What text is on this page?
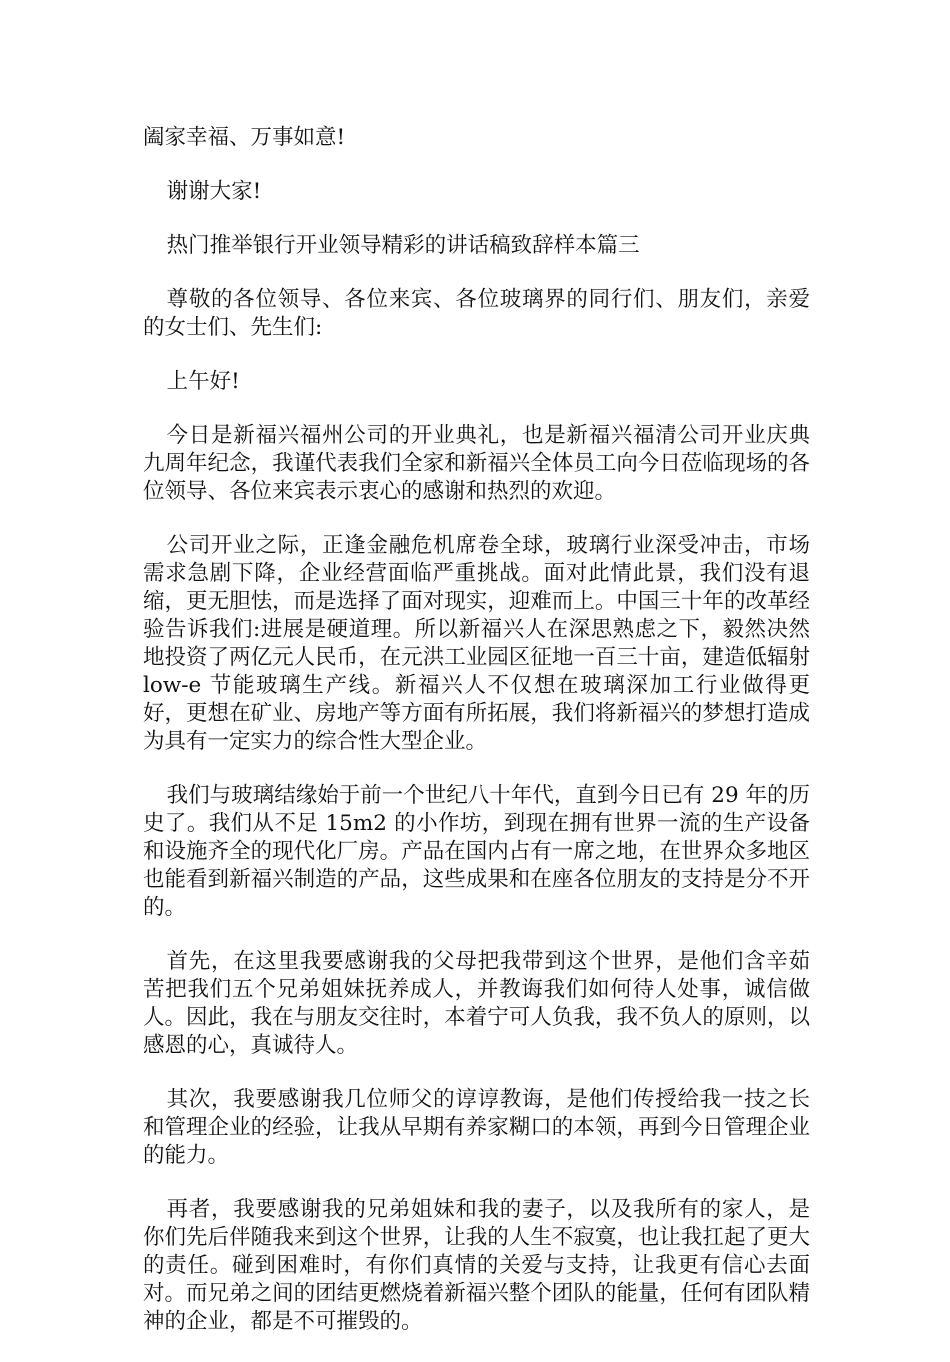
阖家幸福、万事如意!

谢谢大家!

热门推举银行开业领导精彩的讲话稿致辞样本篇三

尊敬的各位领导、各位来宾、各位玻璃界的同行们、朋友们，亲爱的女士们、先生们:

上午好!

今日是新福兴福州公司的开业典礼，也是新福兴福清公司开业庆典九周年纪念，我谨代表我们全家和新福兴全体员工向今日莅临现场的各位领导、各位来宾表示衷心的感谢和热烈的欢迎。

公司开业之际，正逢金融危机席卷全球，玻璃行业深受冲击，市场需求急剧下降，企业经营面临严重挑战。面对此情此景，我们没有退缩，更无胆怯，而是选择了面对现实，迎难而上。中国三十年的改革经验告诉我们:进展是硬道理。所以新福兴人在深思熟虑之下，毅然决然地投资了两亿元人民币，在元洪工业园区征地一百三十亩，建造低辐射 low-e 节能玻璃生产线。新福兴人不仅想在玻璃深加工行业做得更好，更想在矿业、房地产等方面有所拓展，我们将新福兴的梦想打造成为具有一定实力的综合性大型企业。

我们与玻璃结缘始于前一个世纪八十年代，直到今日已有 29 年的历史了。我们从不足 15m2 的小作坊，到现在拥有世界一流的生产设备和设施齐全的现代化厂房。产品在国内占有一席之地，在世界众多地区也能看到新福兴制造的产品，这些成果和在座各位朋友的支持是分不开的。

首先，在这里我要感谢我的父母把我带到这个世界，是他们含辛茹苦把我们五个兄弟姐妹抚养成人，并教诲我们如何待人处事，诚信做人。因此，我在与朋友交往时，本着宁可人负我，我不负人的原则，以感恩的心，真诚待人。

其次，我要感谢我几位师父的谆谆教诲，是他们传授给我一技之长和管理企业的经验，让我从早期有养家糊口的本领，再到今日管理企业的能力。

再者，我要感谢我的兄弟姐妹和我的妻子，以及我所有的家人，是你们先后伴随我来到这个世界，让我的人生不寂寞，也让我扛起了更大的责任。碰到困难时，有你们真情的关爱与支持，让我更有信心去面对。而兄弟之间的团结更燃烧着新福兴整个团队的能量，任何有团队精神的企业，都是不可摧毁的。
